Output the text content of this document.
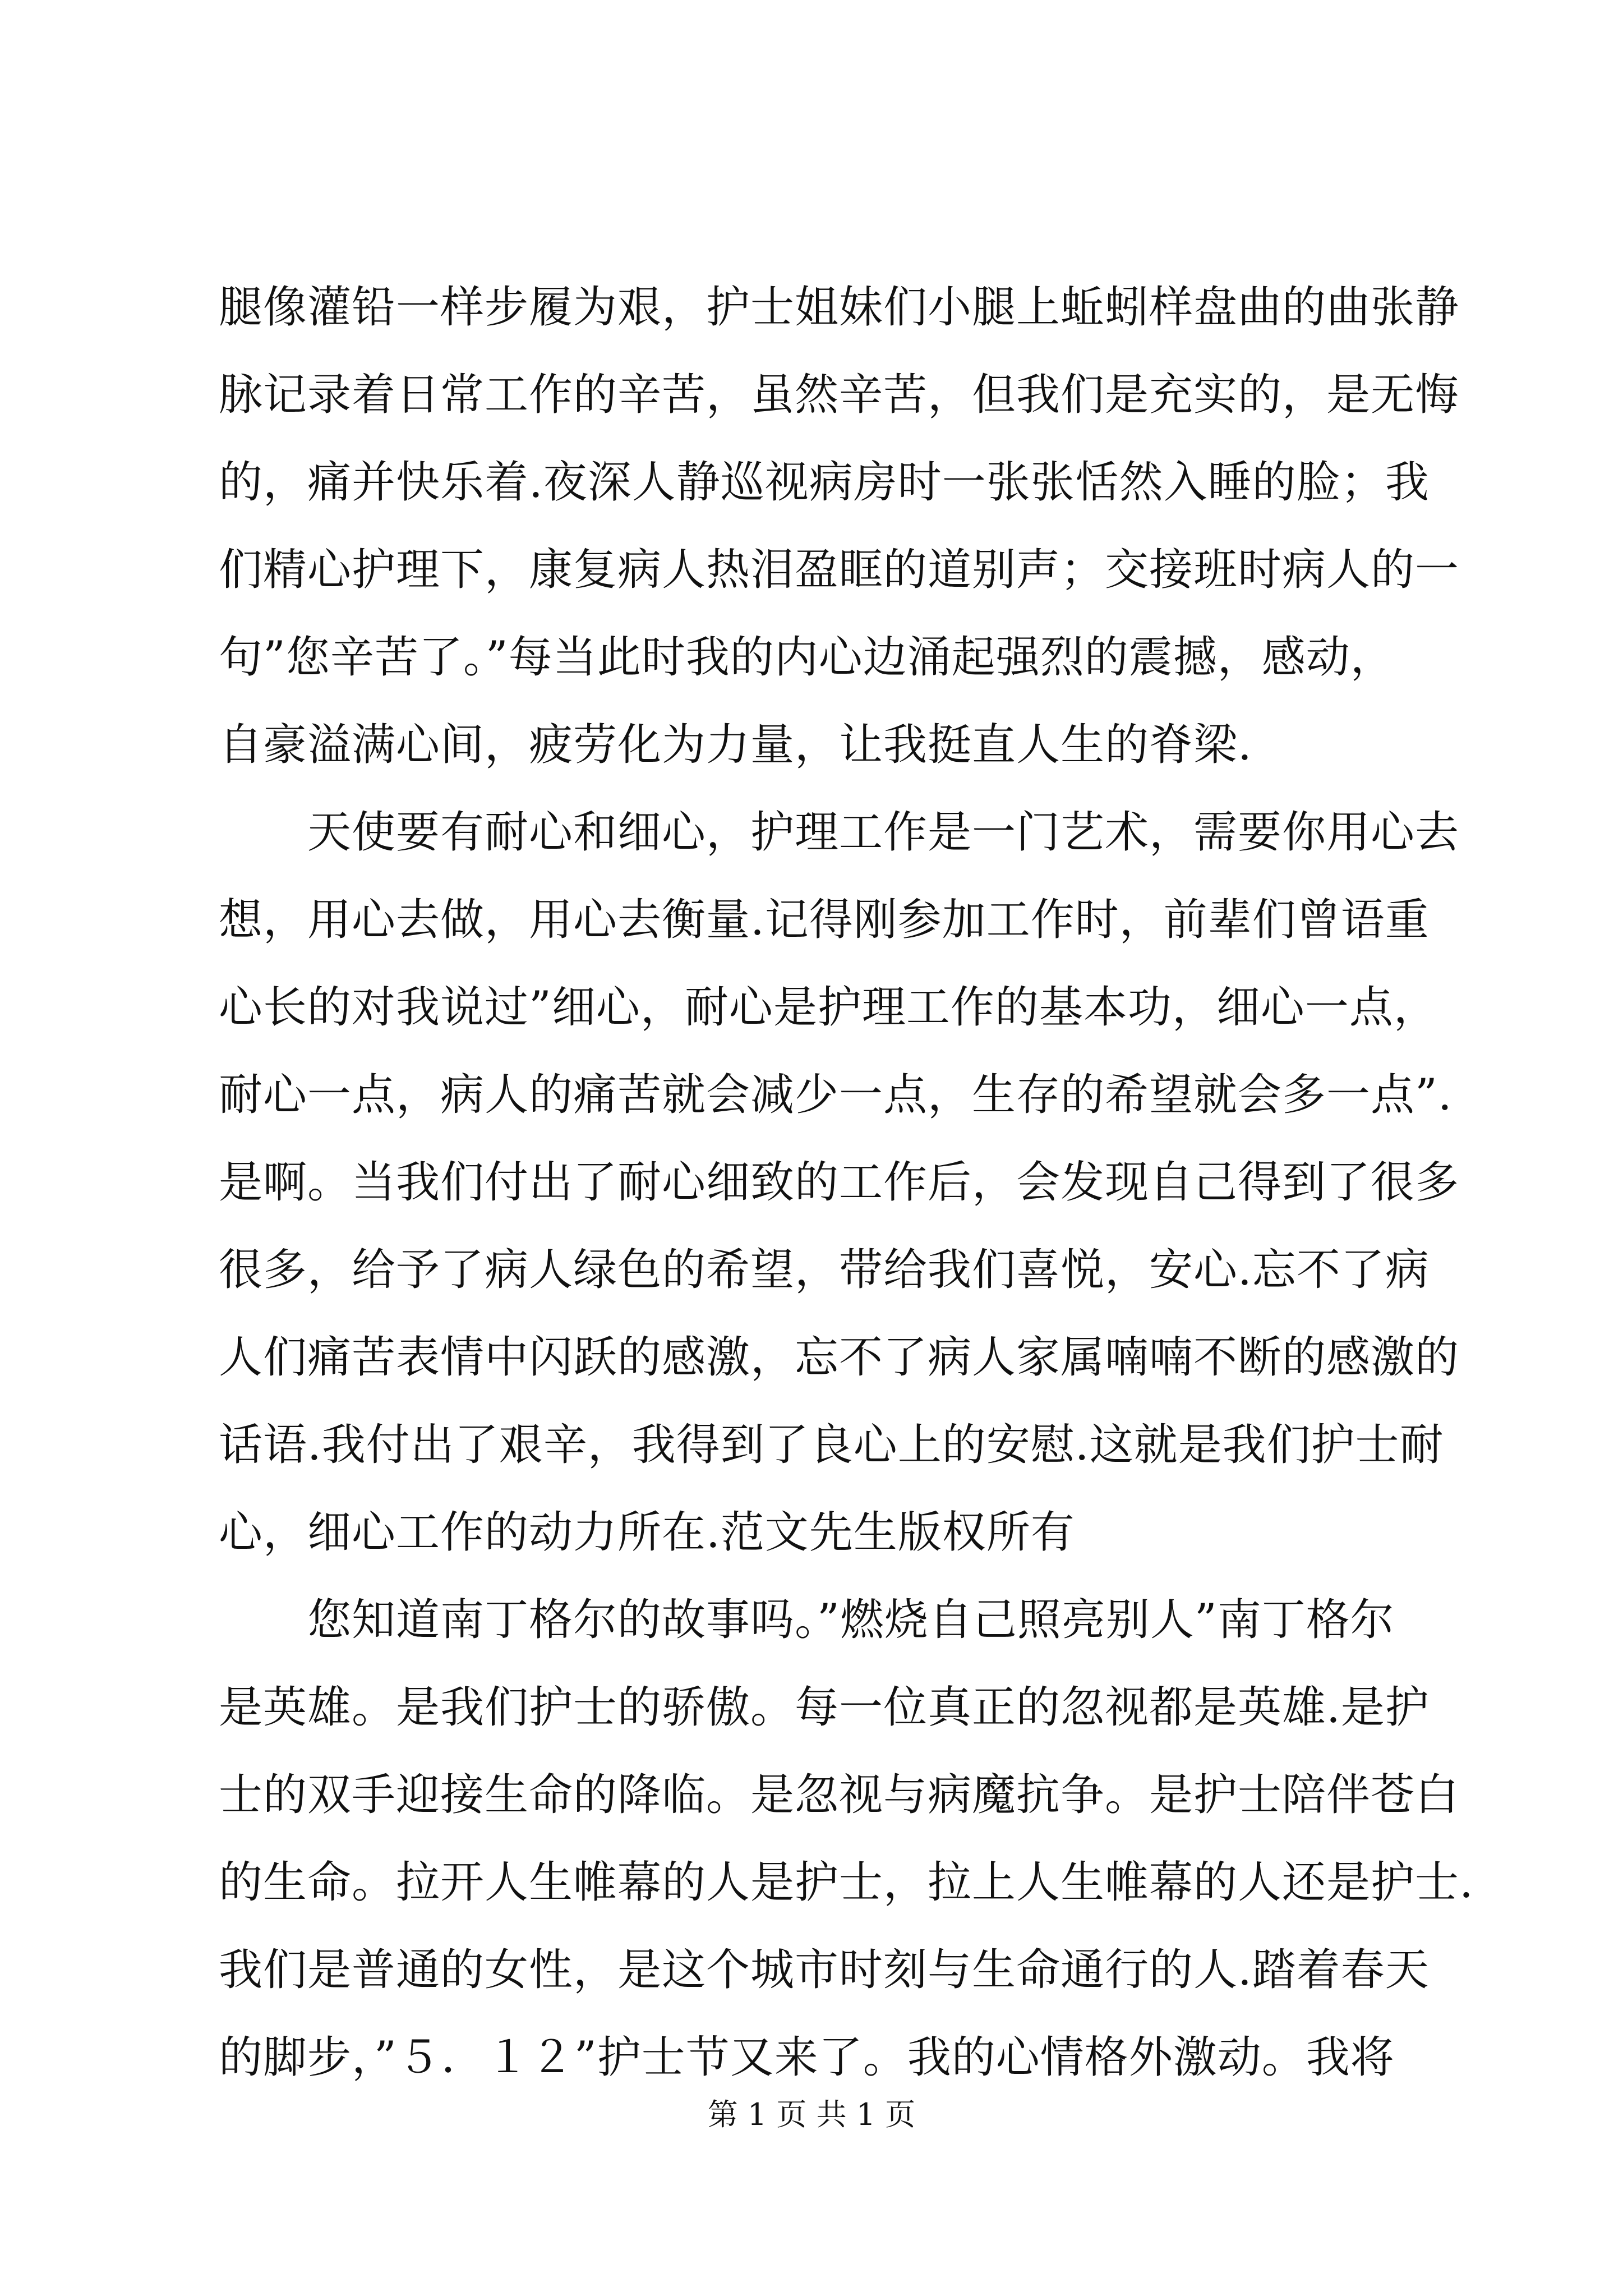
腿像灌铅一样步履为艰，护士姐妹们小腿上蚯蚓样盘曲的曲张静
脉记录着日常工作的辛苦，虽然辛苦，但我们是充实的，是无悔
的，痛并快乐着.夜深人静巡视病房时一张张恬然入睡的脸；我
们精心护理下，康复病人热泪盈眶的道别声；交接班时病人的一
句”您辛苦了。”每当此时我的内心边涌起强烈的震撼，感动，
自豪溢满心间，疲劳化为力量，让我挺直人生的脊梁.
　　天使要有耐心和细心，护理工作是一门艺术，需要你用心去
想，用心去做，用心去衡量.记得刚参加工作时，前辈们曾语重
心长的对我说过”细心，耐心是护理工作的基本功，细心一点，
耐心一点，病人的痛苦就会减少一点，生存的希望就会多一点”.
是啊。当我们付出了耐心细致的工作后，会发现自己得到了很多
很多，给予了病人绿色的希望，带给我们喜悦，安心.忘不了病
人们痛苦表情中闪跃的感激，忘不了病人家属喃喃不断的感激的
话语.我付出了艰辛，我得到了良心上的安慰.这就是我们护士耐
心，细心工作的动力所在.范文先生版权所有
　　您知道南丁格尔的故事吗。”燃烧自己照亮别人”南丁格尔
是英雄。是我们护士的骄傲。每一位真正的忽视都是英雄.是护
士的双手迎接生命的降临。是忽视与病魔抗争。是护士陪伴苍白
的生命。拉开人生帷幕的人是护士，拉上人生帷幕的人还是护士.
我们是普通的女性，是这个城市时刻与生命通行的人.踏着春天
的脚步，”５．１２”护士节又来了。我的心情格外激动。我将
第 1 页 共 1 页
